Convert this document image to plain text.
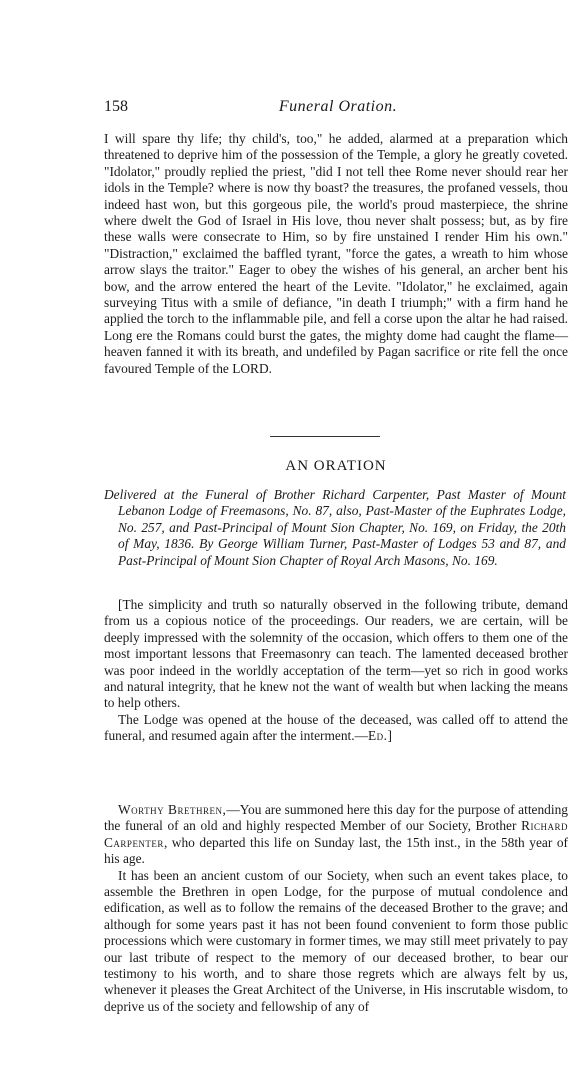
158	Funeral Oration.

I will spare thy life; thy child's, too," he added, alarmed at a preparation which threatened to deprive him of the possession of the Temple, a glory he greatly coveted. "Idolator," proudly replied the priest, "did I not tell thee Rome never should rear her idols in the Temple? where is now thy boast? the treasures, the profaned vessels, thou indeed hast won, but this gorgeous pile, the world's proud masterpiece, the shrine where dwelt the God of Israel in His love, thou never shalt possess; but, as by fire these walls were consecrate to Him, so by fire unstained I render Him his own." "Distraction," exclaimed the baffled tyrant, "force the gates, a wreath to him whose arrow slays the traitor." Eager to obey the wishes of his general, an archer bent his bow, and the arrow entered the heart of the Levite. "Idolator," he exclaimed, again surveying Titus with a smile of defiance, "in death I triumph;" with a firm hand he applied the torch to the inflammable pile, and fell a corse upon the altar he had raised. Long ere the Romans could burst the gates, the mighty dome had caught the flame—heaven fanned it with its breath, and undefiled by Pagan sacrifice or rite fell the once favoured Temple of the LORD.

AN ORATION
Delivered at the Funeral of Brother Richard Carpenter, Past Master of Mount Lebanon Lodge of Freemasons, No. 87, also, Past-Master of the Euphrates Lodge, No. 257, and Past-Principal of Mount Sion Chapter, No. 169, on Friday, the 20th of May, 1836. By George William Turner, Past-Master of Lodges 53 and 87, and Past-Principal of Mount Sion Chapter of Royal Arch Masons, No. 169.

[The simplicity and truth so naturally observed in the following tribute, demand from us a copious notice of the proceedings. Our readers, we are certain, will be deeply impressed with the solemnity of the occasion, which offers to them one of the most important lessons that Freemasonry can teach. The lamented deceased brother was poor indeed in the worldly acceptation of the term—yet so rich in good works and natural integrity, that he knew not the want of wealth but when lacking the means to help others.

The Lodge was opened at the house of the deceased, was called off to attend the funeral, and resumed again after the interment.—Ed.]

Worthy Brethren,—You are summoned here this day for the purpose of attending the funeral of an old and highly respected Member of our Society, Brother Richard Carpenter, who departed this life on Sunday last, the 15th inst., in the 58th year of his age.

It has been an ancient custom of our Society, when such an event takes place, to assemble the Brethren in open Lodge, for the purpose of mutual condolence and edification, as well as to follow the remains of the deceased Brother to the grave; and although for some years past it has not been found convenient to form those public processions which were customary in former times, we may still meet privately to pay our last tribute of respect to the memory of our deceased brother, to bear our testimony to his worth, and to share those regrets which are always felt by us, whenever it pleases the Great Architect of the Universe, in His inscrutable wisdom, to deprive us of the society and fellowship of any of
